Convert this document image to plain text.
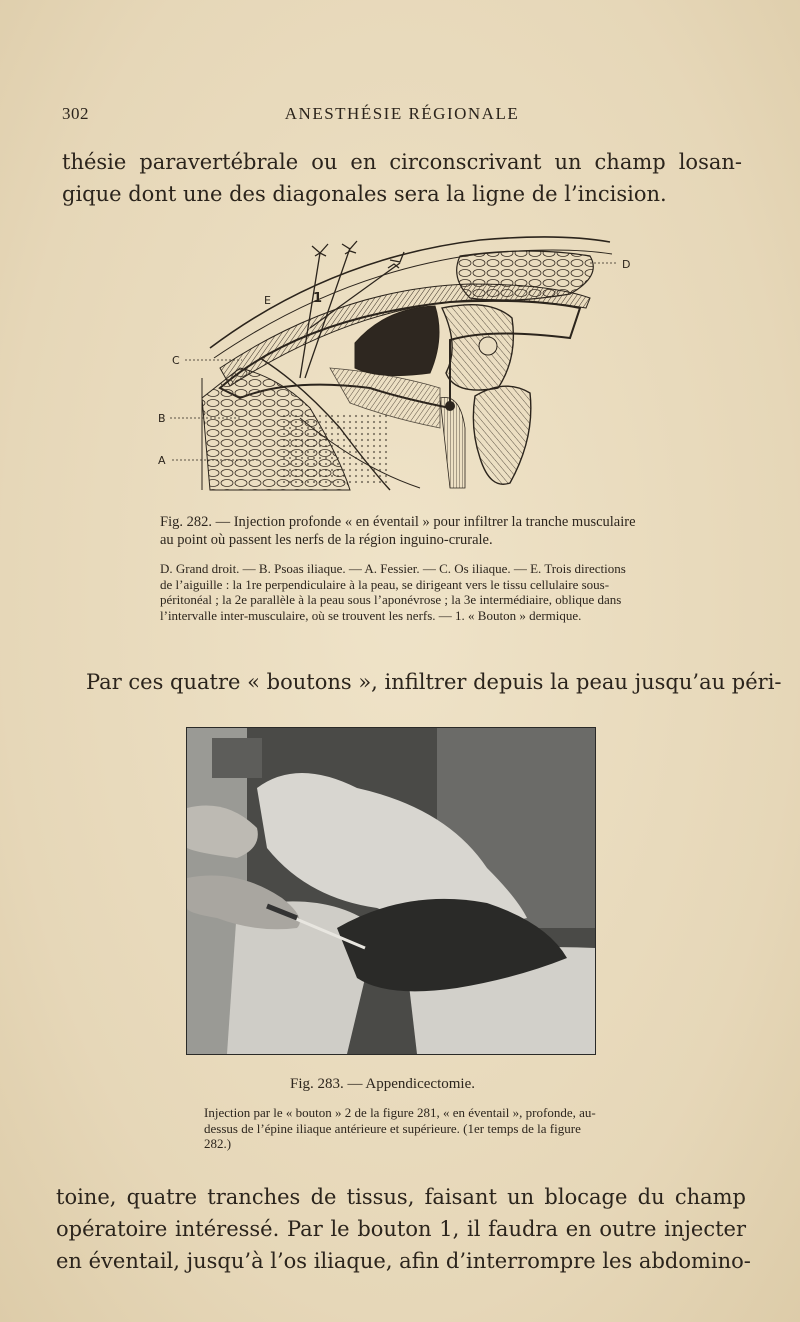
302	ANESTHÉSIE RÉGIONALE
thésie paravertébrale ou en circonscrivant un champ losan-
gique dont une des diagonales sera la ligne de l’incision.
D
E	1
C
B
A
Fig. 282. — Injection profonde « en éventail » pour infiltrer la tranche musculaire au point où passent les nerfs de la région inguino-crurale.
D. Grand droit. — B. Psoas iliaque. — A. Fessier. — C. Os iliaque. — E. Trois directions de l’aiguille : la 1re perpendiculaire à la peau, se dirigeant vers le tissu cellulaire sous-péritonéal ; la 2e parallèle à la peau sous l’aponévrose ; la 3e intermédiaire, oblique dans l’intervalle inter-musculaire, où se trouvent les nerfs. — 1. « Bouton » dermique.
Par ces quatre « boutons », infiltrer depuis la peau jusqu’au péri-
Fig. 283. — Appendicectomie.
Injection par le « bouton » 2 de la figure 281, « en éventail », profonde, au-dessus de l’épine iliaque antérieure et supérieure. (1er temps de la figure 282.)
toine, quatre tranches de tissus, faisant un blocage du champ
opératoire intéressé. Par le bouton 1, il faudra en outre injecter
en éventail, jusqu’à l’os iliaque, afin d’interrompre les abdomino-
